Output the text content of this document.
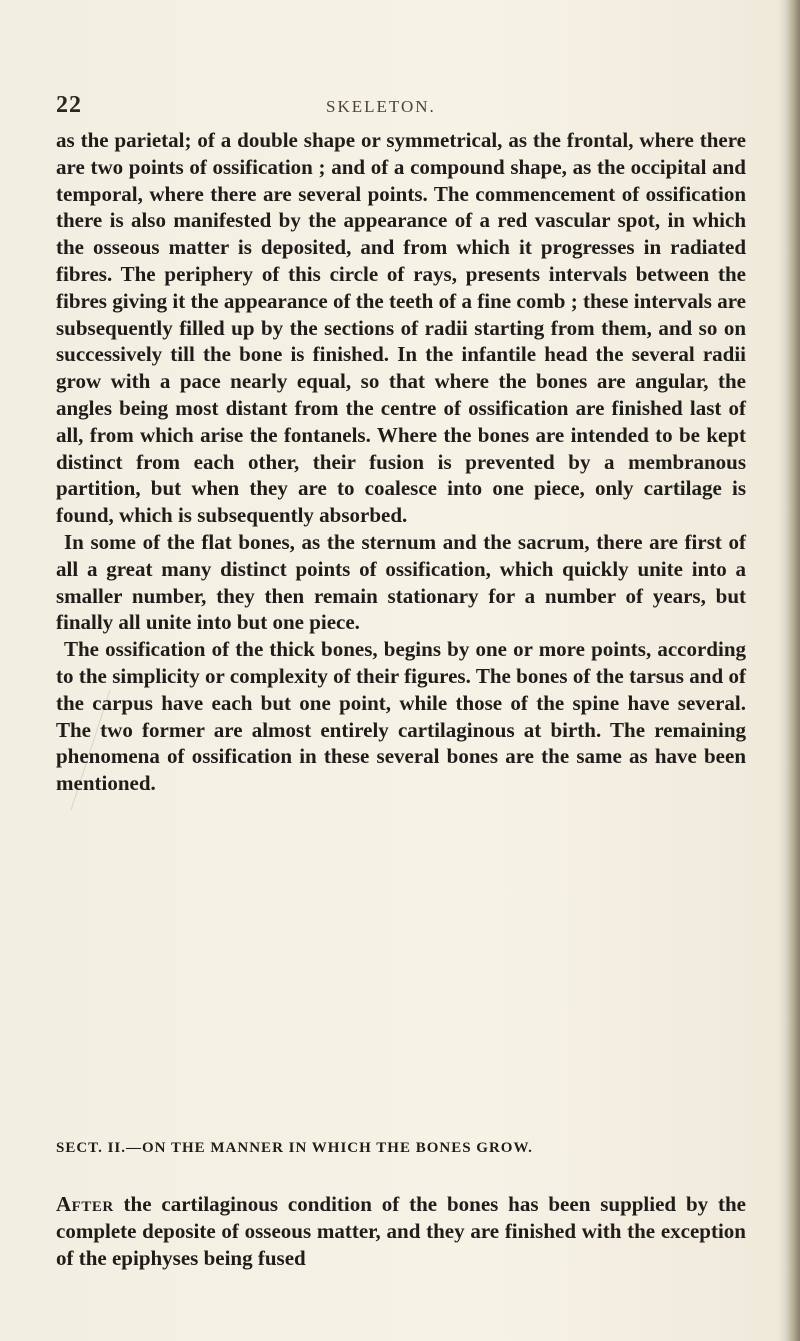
22	SKELETON.

as the parietal; of a double shape or symmetrical, as the frontal, where there are two points of ossification ; and of a compound shape, as the occipital and temporal, where there are several points. The commencement of ossification there is also manifested by the appearance of a red vascular spot, in which the osseous matter is deposited, and from which it progresses in radiated fibres. The periphery of this circle of rays, presents intervals between the fibres giving it the appearance of the teeth of a fine comb ; these intervals are subsequently filled up by the sections of radii starting from them, and so on successively till the bone is finished. In the infantile head the several radii grow with a pace nearly equal, so that where the bones are angular, the angles being most distant from the centre of ossification are finished last of all, from which arise the fontanels. Where the bones are intended to be kept distinct from each other, their fusion is prevented by a membranous partition, but when they are to coalesce into one piece, only cartilage is found, which is subsequently absorbed.

In some of the flat bones, as the sternum and the sacrum, there are first of all a great many distinct points of ossification, which quickly unite into a smaller number, they then remain stationary for a number of years, but finally all unite into but one piece.

The ossification of the thick bones, begins by one or more points, according to the simplicity or complexity of their figures. The bones of the tarsus and of the carpus have each but one point, while those of the spine have several. The two former are almost entirely cartilaginous at birth. The remaining phenomena of ossification in these several bones are the same as have been mentioned.

SECT. II.—ON THE MANNER IN WHICH THE BONES GROW.

After the cartilaginous condition of the bones has been supplied by the complete deposite of osseous matter, and they are finished with the exception of the epiphyses being fused
